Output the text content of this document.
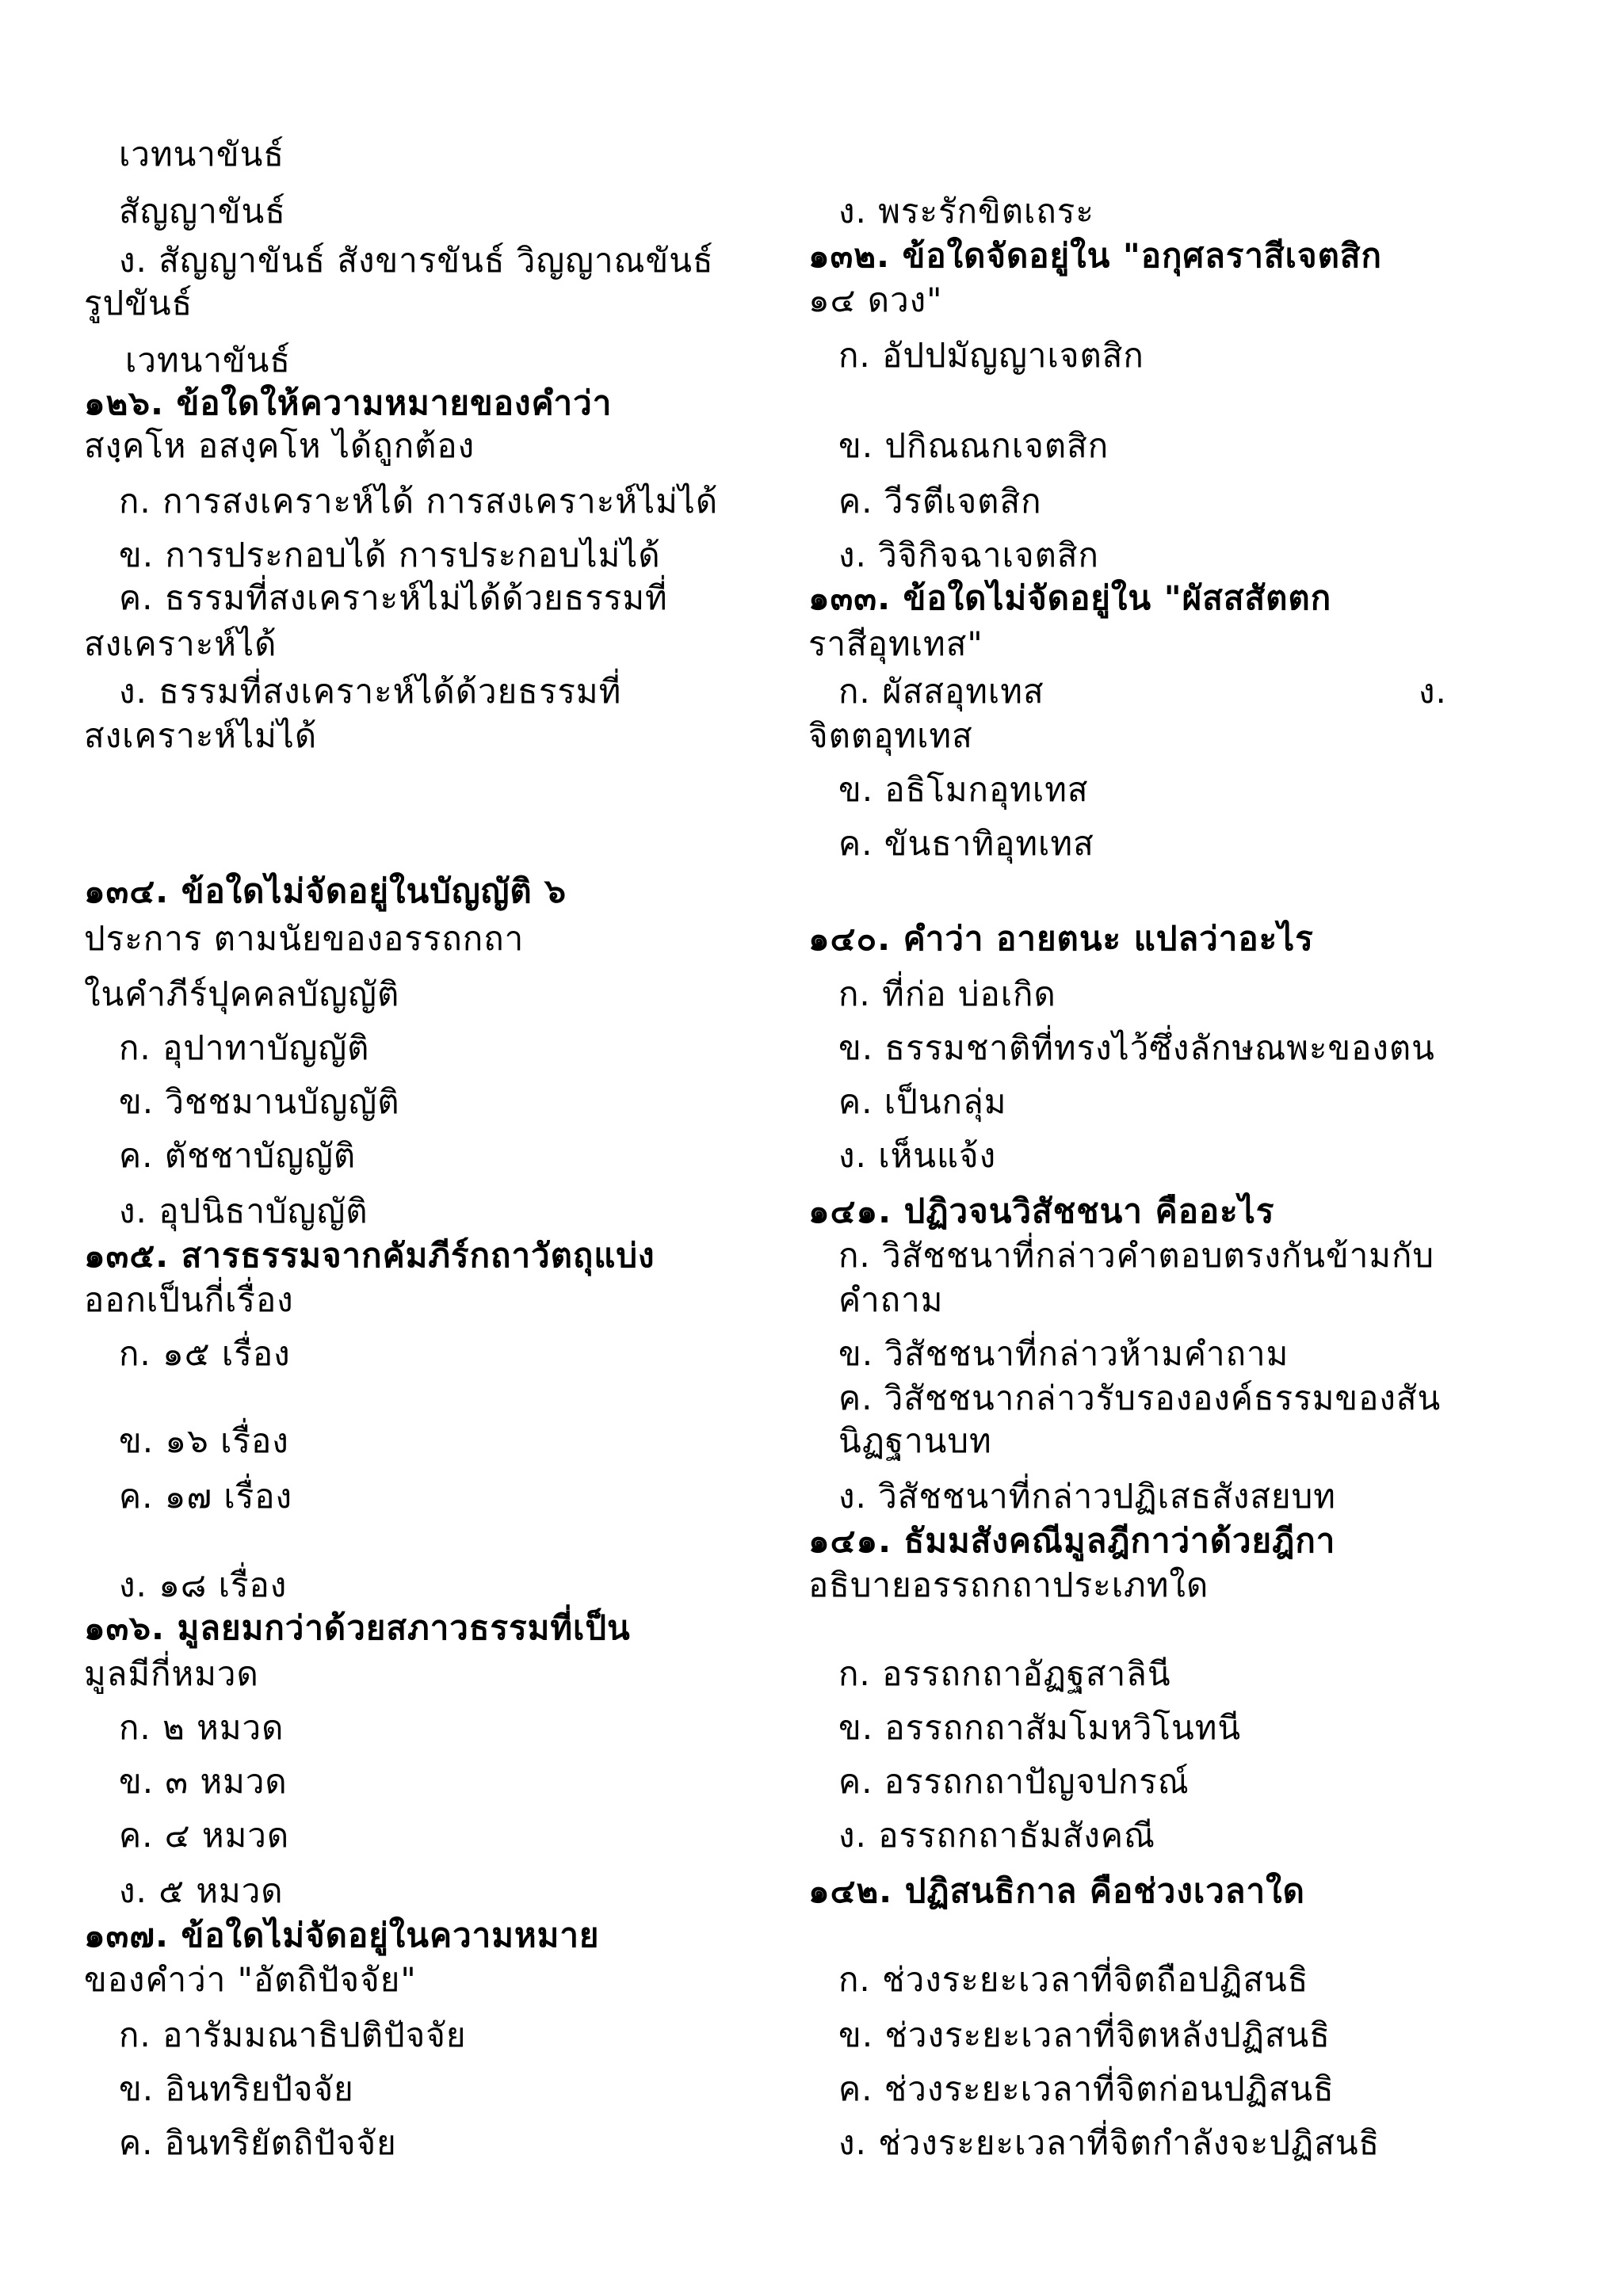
เวทนาขันธ์
สัญญาขันธ์
ง. สัญญาขันธ์ สังขารขันธ์ วิญญาณขันธ์
รูปขันธ์
เวทนาขันธ์
๑๒๖. ข้อใดให้ความหมายของคำว่า
สงฺคโห อสงฺคโห ได้ถูกต้อง
ก. การสงเคราะห์ได้ การสงเคราะห์ไม่ได้
ข. การประกอบได้ การประกอบไม่ได้
ค. ธรรมที่สงเคราะห์ไม่ได้ด้วยธรรมที่
สงเคราะห์ได้
ง. ธรรมที่สงเคราะห์ได้ด้วยธรรมที่
สงเคราะห์ไม่ได้
๑๓๔. ข้อใดไม่จัดอยู่ในบัญญัติ ๖
ประการ ตามนัยของอรรถกถา
ในคำภีร์ปุคคลบัญญัติ
ก. อุปาทาบัญญัติ
ข. วิชชมานบัญญัติ
ค. ตัชชาบัญญัติ
ง. อุปนิธาบัญญัติ
๑๓๕. สารธรรมจากคัมภีร์กถาวัตถุแบ่ง
ออกเป็นกี่เรื่อง
ก. ๑๕ เรื่อง
ข. ๑๖ เรื่อง
ค. ๑๗ เรื่อง
ง. ๑๘ เรื่อง
๑๓๖. มูลยมกว่าด้วยสภาวธรรมที่เป็น
มูลมีกี่หมวด
ก. ๒ หมวด
ข. ๓ หมวด
ค. ๔ หมวด
ง. ๕ หมวด
๑๓๗. ข้อใดไม่จัดอยู่ในความหมาย
ของคำว่า "อัตถิปัจจัย"
ก. อารัมมณาธิปติปัจจัย
ข. อินทริยปัจจัย
ค. อินทริยัตถิปัจจัย
ง. พระรักขิตเถระ
๑๓๒. ข้อใดจัดอยู่ใน "อกุศลราสีเจตสิก
๑๔ ดวง"
ก. อัปปมัญญาเจตสิก
ข. ปกิณณกเจตสิก
ค. วีรตีเจตสิก
ง. วิจิกิจฉาเจตสิก
๑๓๓. ข้อใดไม่จัดอยู่ใน "ผัสสสัตตก
ราสีอุทเทส"
ก. ผัสสอุทเทส	ง.
จิตตอุทเทส
ข. อธิโมกอุทเทส
ค. ขันธาทิอุทเทส
๑๔๐. คำว่า อายตนะ แปลว่าอะไร
ก. ที่ก่อ บ่อเกิด
ข. ธรรมชาติที่ทรงไว้ซึ่งลักษณพะของตน
ค. เป็นกลุ่ม
ง. เห็นแจ้ง
๑๔๑. ปฏิวจนวิสัชชนา คืออะไร
ก. วิสัชชนาที่กล่าวคำตอบตรงกันข้ามกับ
คำถาม
ข. วิสัชชนาที่กล่าวห้ามคำถาม
ค. วิสัชชนากล่าวรับรององค์ธรรมของสัน
นิฏฐานบท
ง. วิสัชชนาที่กล่าวปฏิเสธสังสยบท
๑๔๑. ธัมมสังคณีมูลฎีกาว่าด้วยฎีกา
อธิบายอรรถกถาประเภทใด
ก. อรรถกถาอัฏฐสาลินี
ข. อรรถกถาสัมโมหวิโนทนี
ค. อรรถกถาปัญจปกรณ์
ง. อรรถกถาธัมสังคณี
๑๔๒. ปฏิสนธิกาล คือช่วงเวลาใด
ก. ช่วงระยะเวลาที่จิตถือปฏิสนธิ
ข. ช่วงระยะเวลาที่จิตหลังปฏิสนธิ
ค. ช่วงระยะเวลาที่จิตก่อนปฏิสนธิ
ง. ช่วงระยะเวลาที่จิตกำลังจะปฏิสนธิ
